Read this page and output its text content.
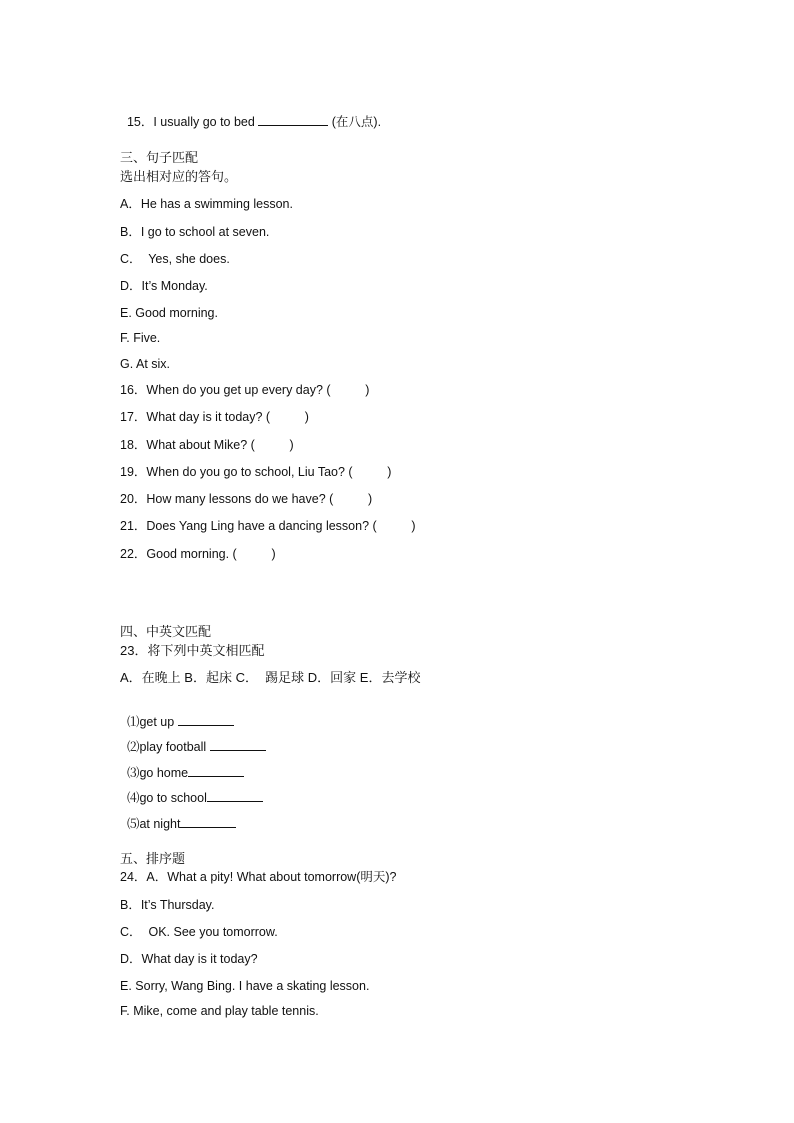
15．I usually go to bed	(在八点).

三、句子匹配
选出相对应的答句。
A．He has a swimming lesson.
B．I go to school at seven.
C．  Yes, she does.
D．It’s Monday.
E. Good morning.
F. Five.
G. At six.
16．When do you get up every day? (          )
17．What day is it today? (          )
18．What about Mike? (          )
19．When do you go to school, Liu Tao? (          )
20．How many lessons do we have? (          )
21．Does Yang Ling have a dancing lesson? (          )
22．Good morning. (          )
四、中英文匹配
23．将下列中英文相匹配
A．在晚上 B．起床 C．  踢足球 D．回家 E．去学校

⑴get up

⑵play football

⑶go home

⑷go to school

⑸at night

五、排序题
24．A．What a pity! What about tomorrow(明天)?
B．It’s Thursday.
C．  OK. See you tomorrow.
D．What day is it today?
E. Sorry, Wang Bing. I have a skating lesson.
F. Mike, come and play table tennis.
